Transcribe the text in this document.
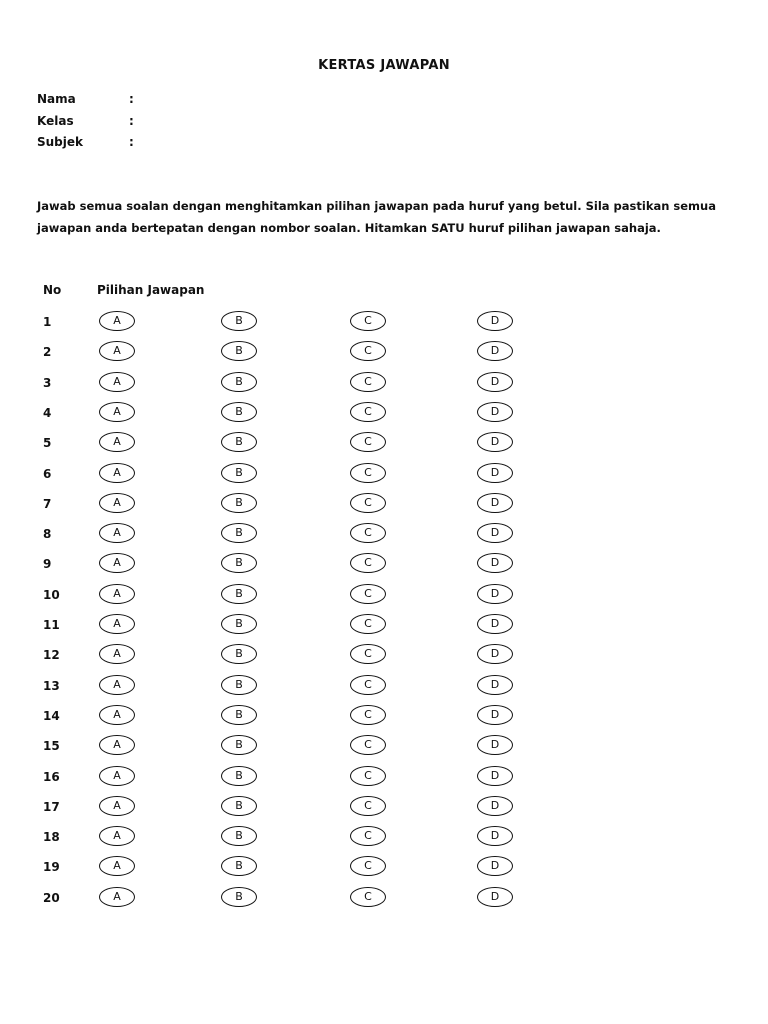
KERTAS JAWAPAN
Nama	:
Kelas	:
Subjek	:
Jawab semua soalan dengan menghitamkan pilihan jawapan pada huruf yang betul. Sila pastikan semua jawapan anda bertepatan dengan nombor soalan. Hitamkan SATU huruf pilihan jawapan sahaja.
No	Pilihan Jawapan
1	A	B	C	D
2	A	B	C	D
3	A	B	C	D
4	A	B	C	D
5	A	B	C	D
6	A	B	C	D
7	A	B	C	D
8	A	B	C	D
9	A	B	C	D
10	A	B	C	D
11	A	B	C	D
12	A	B	C	D
13	A	B	C	D
14	A	B	C	D
15	A	B	C	D
16	A	B	C	D
17	A	B	C	D
18	A	B	C	D
19	A	B	C	D
20	A	B	C	D
